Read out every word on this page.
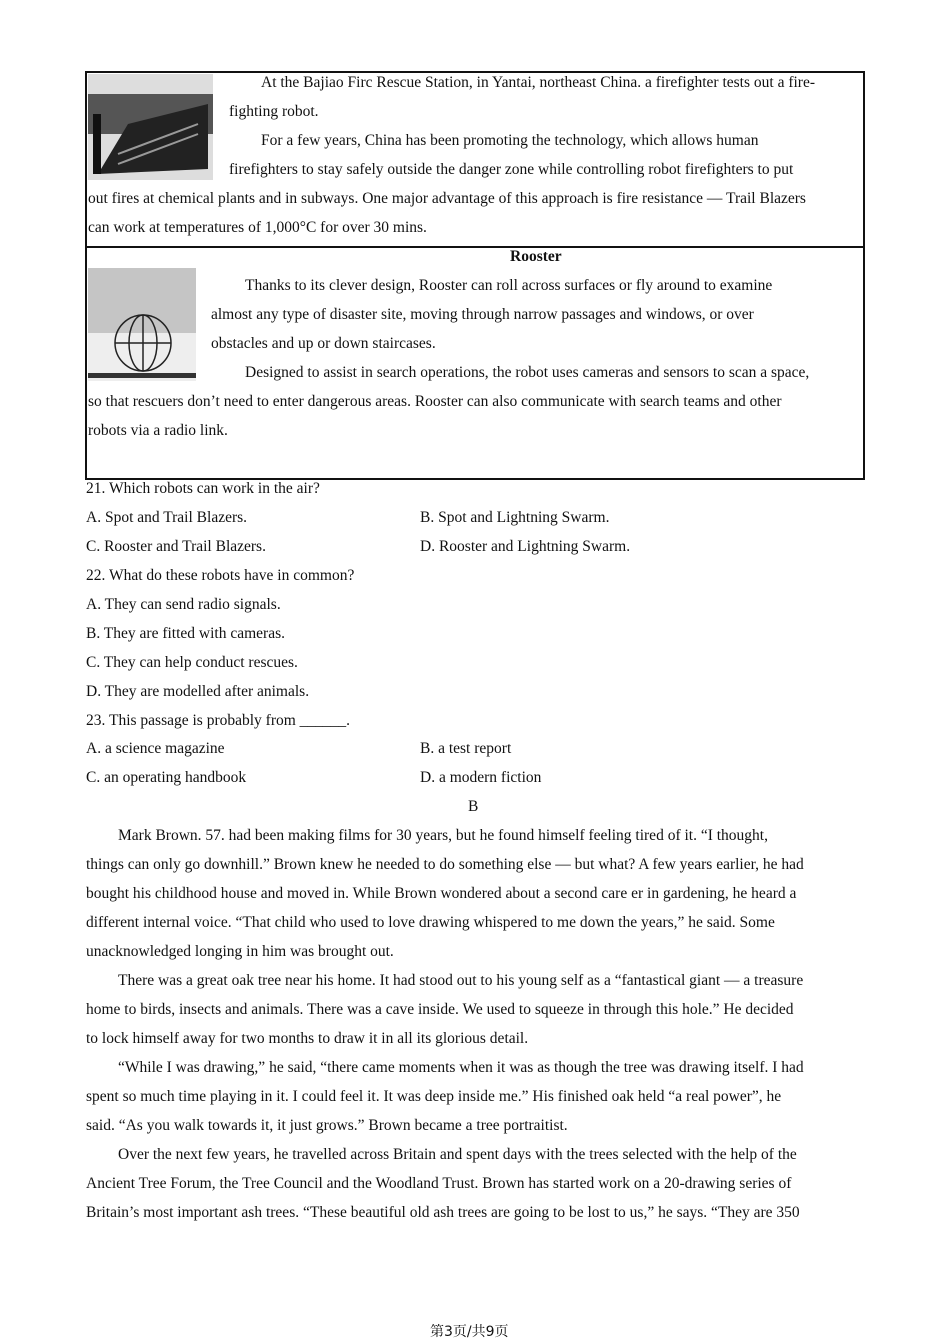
At the Bajiao Firc Rescue Station, in Yantai, northeast China. a firefighter tests out a fire-
fighting robot.
For a few years, China has been promoting the technology, which allows human
firefighters to stay safely outside the danger zone while controlling robot firefighters to put
out fires at chemical plants and in subways. One major advantage of this approach is fire resistance — Trail Blazers
can work at temperatures of 1,000°C for over 30 mins.
Rooster
Thanks to its clever design, Rooster can roll across surfaces or fly around to examine
almost any type of disaster site, moving through narrow passages and windows, or over
obstacles and up or down staircases.
Designed to assist in search operations, the robot uses cameras and sensors to scan a space,
so that rescuers don’t need to enter dangerous areas. Rooster can also communicate with search teams and other
robots via a radio link.
21. Which robots can work in the air?
A. Spot and Trail Blazers.	B. Spot and Lightning Swarm.
C. Rooster and Trail Blazers.	D. Rooster and Lightning Swarm.
22. What do these robots have in common?
A. They can send radio signals.
B. They are fitted with cameras.
C. They can help conduct rescues.
D. They are modelled after animals.
23. This passage is probably from ______.
A. a science magazine	B. a test report
C. an operating handbook	D. a modern fiction
B
Mark Brown. 57. had been making films for 30 years, but he found himself feeling tired of it. “I thought,
things can only go downhill.” Brown knew he needed to do something else — but what? A few years earlier, he had
bought his childhood house and moved in. While Brown wondered about a second care er in gardening, he heard a
different internal voice. “That child who used to love drawing whispered to me down the years,” he said. Some
unacknowledged longing in him was brought out.
There was a great oak tree near his home. It had stood out to his young self as a “fantastical giant — a treasure
home to birds, insects and animals. There was a cave inside. We used to squeeze in through this hole.” He decided
to lock himself away for two months to draw it in all its glorious detail.
“While I was drawing,” he said, “there came moments when it was as though the tree was drawing itself. I had
spent so much time playing in it. I could feel it. It was deep inside me.” His finished oak held “a real power”, he
said. “As you walk towards it, it just grows.” Brown became a tree portraitist.
Over the next few years, he travelled across Britain and spent days with the trees selected with the help of the
Ancient Tree Forum, the Tree Council and the Woodland Trust. Brown has started work on a 20-drawing series of
Britain’s most important ash trees. “These beautiful old ash trees are going to be lost to us,” he says. “They are 350
第3页/共9页
